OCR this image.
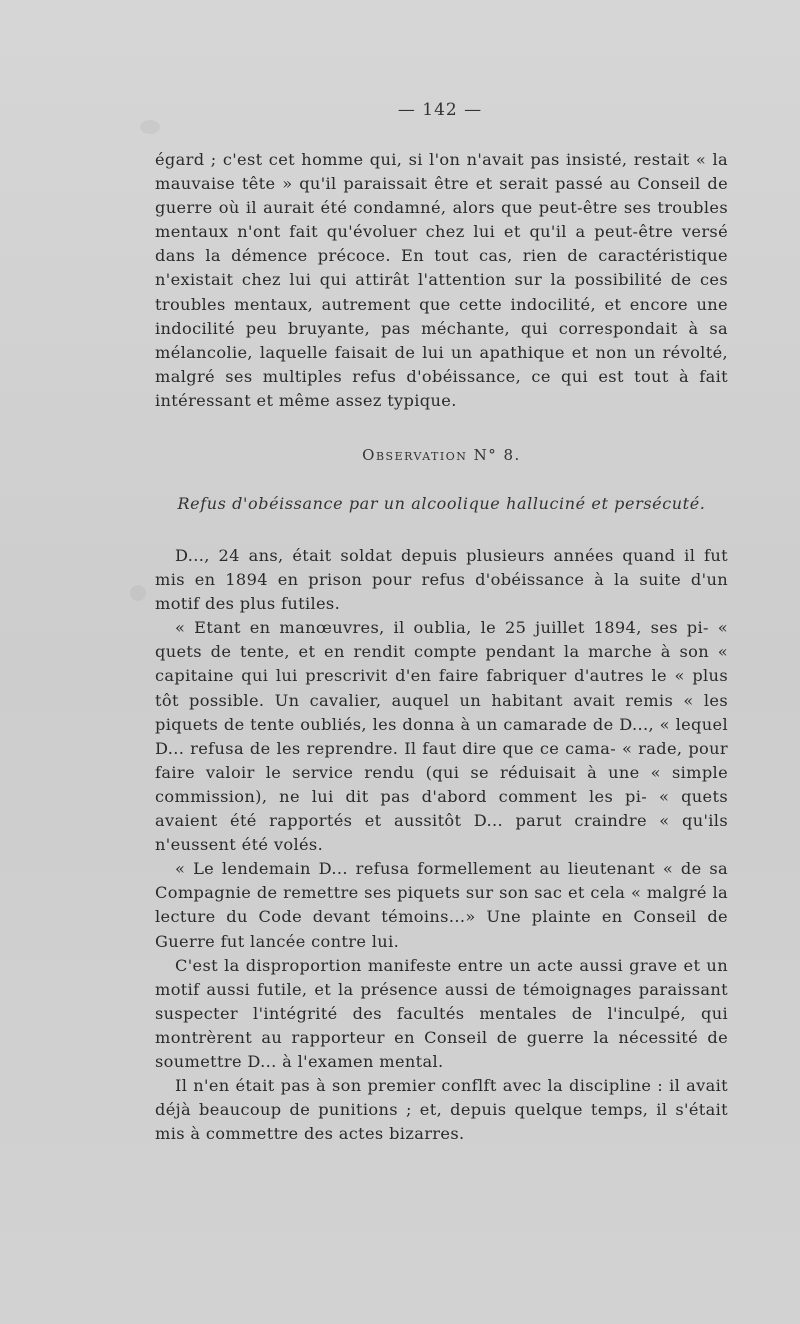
— 142 —

égard ; c'est cet homme qui, si l'on n'avait pas insisté, restait « la mauvaise tête » qu'il paraissait être et serait passé au Conseil de guerre où il aurait été condamné, alors que peut-être ses troubles mentaux n'ont fait qu'évoluer chez lui et qu'il a peut-être versé dans la démence précoce. En tout cas, rien de caractéristique n'existait chez lui qui attirât l'attention sur la possibilité de ces troubles mentaux, autrement que cette indocilité, et encore une indocilité peu bruyante, pas méchante, qui correspondait à sa mélancolie, laquelle faisait de lui un apathique et non un révolté, malgré ses multiples refus d'obéissance, ce qui est tout à fait intéressant et même assez typique.

Observation N° 8.
Refus d'obéissance par un alcoolique halluciné et persécuté.

D..., 24 ans, était soldat depuis plusieurs années quand il fut mis en 1894 en prison pour refus d'obéissance à la suite d'un motif des plus futiles.

« Etant en manœuvres, il oublia, le 25 juillet 1894, ses pi- « quets de tente, et en rendit compte pendant la marche à son « capitaine qui lui prescrivit d'en faire fabriquer d'autres le « plus tôt possible. Un cavalier, auquel un habitant avait remis « les piquets de tente oubliés, les donna à un camarade de D..., « lequel D... refusa de les reprendre. Il faut dire que ce cama- « rade, pour faire valoir le service rendu (qui se réduisait à une « simple commission), ne lui dit pas d'abord comment les pi- « quets avaient été rapportés et aussitôt D... parut craindre « qu'ils n'eussent été volés.

« Le lendemain D... refusa formellement au lieutenant « de sa Compagnie de remettre ses piquets sur son sac et cela « malgré la lecture du Code devant témoins...» Une plainte en Conseil de Guerre fut lancée contre lui.

C'est la disproportion manifeste entre un acte aussi grave et un motif aussi futile, et la présence aussi de témoignages paraissant suspecter l'intégrité des facultés mentales de l'inculpé, qui montrèrent au rapporteur en Conseil de guerre la nécessité de soumettre D... à l'examen mental.

Il n'en était pas à son premier conflft avec la discipline : il avait déjà beaucoup de punitions ; et, depuis quelque temps, il s'était mis à commettre des actes bizarres.
